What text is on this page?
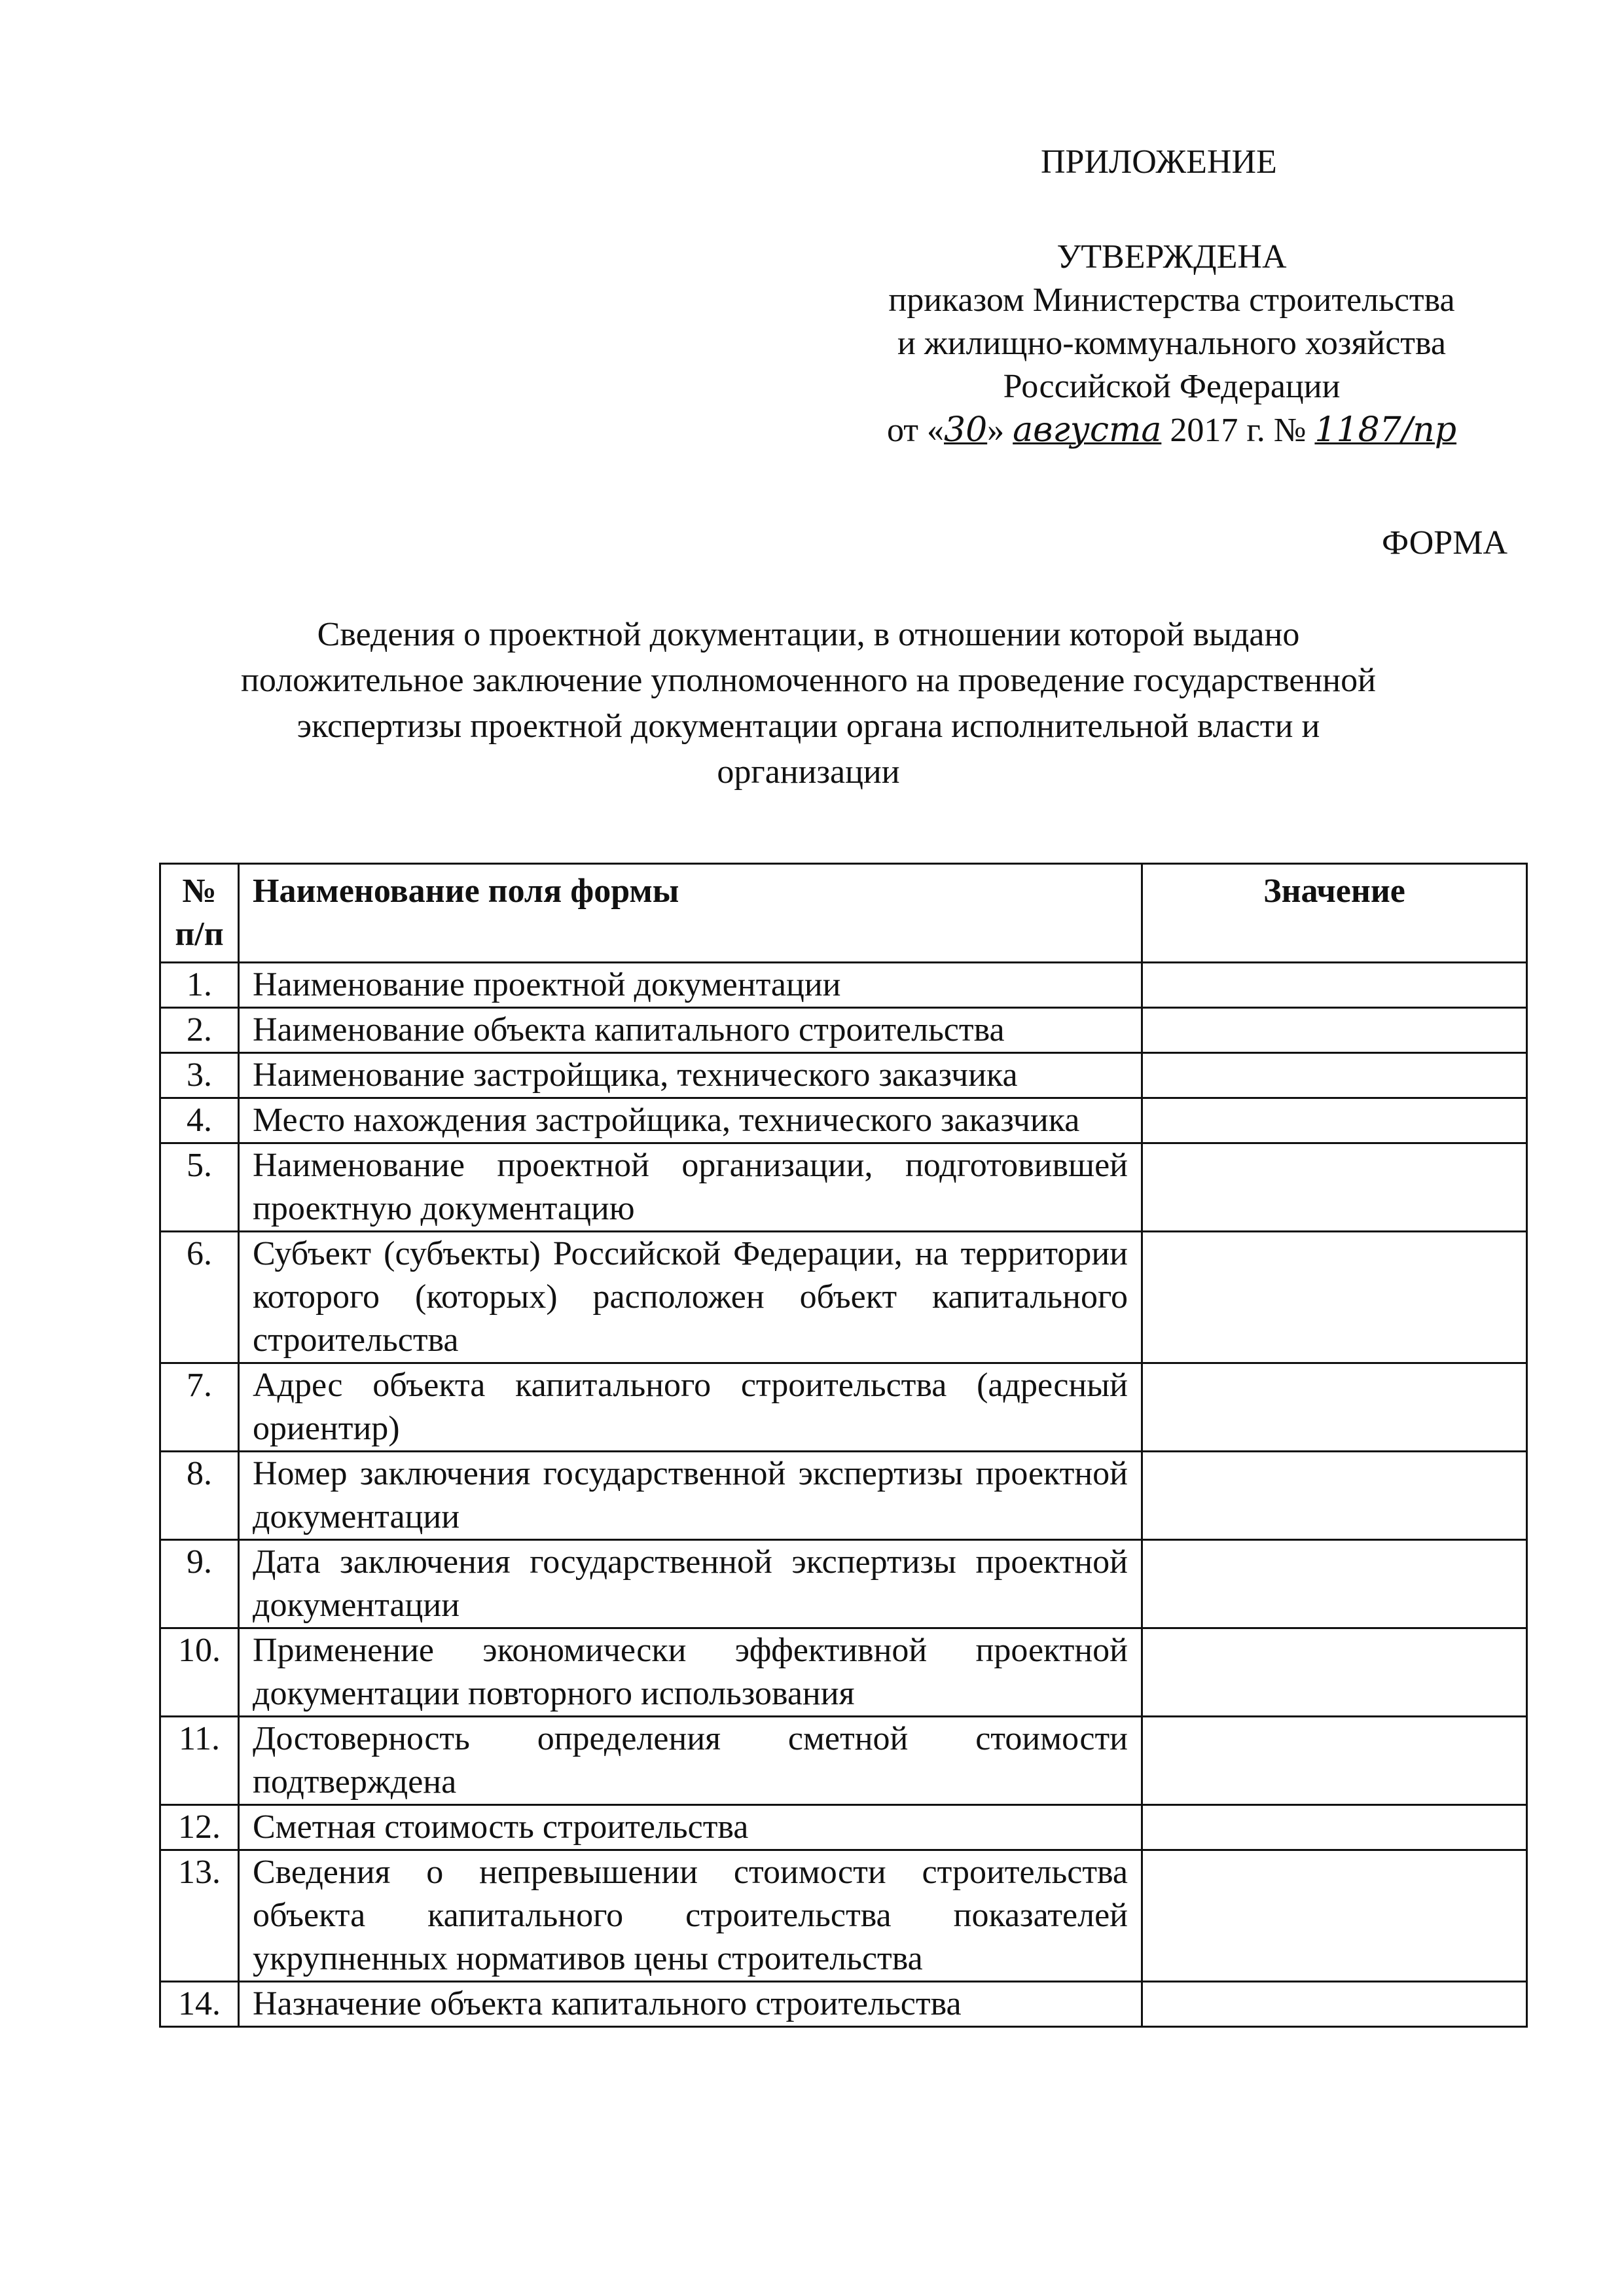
ПРИЛОЖЕНИЕ
УТВЕРЖДЕНА
приказом Министерства строительства
и жилищно-коммунального хозяйства
Российской Федерации
от «30» августа 2017 г. № 1187/пр
ФОРМА
Сведения о проектной документации, в отношении которой выдано
положительное заключение уполномоченного на проведение государственной
экспертизы проектной документации органа исполнительной власти и
организации
№ п/п	Наименование поля формы	Значение
1.	Наименование проектной документации	
2.	Наименование объекта капитального строительства	
3.	Наименование застройщика, технического заказчика	
4.	Место нахождения застройщика, технического заказчика	
5.	Наименование проектной организации, подготовившей проектную документацию	
6.	Субъект (субъекты) Российской Федерации, на территории которого (которых) расположен объект капитального строительства	
7.	Адрес объекта капитального строительства (адресный ориентир)	
8.	Номер заключения государственной экспертизы проектной документации	
9.	Дата заключения государственной экспертизы проектной документации	
10.	Применение экономически эффективной проектной документации повторного использования	
11.	Достоверность определения сметной стоимости подтверждена	
12.	Сметная стоимость строительства	
13.	Сведения о непревышении стоимости строительства объекта капитального строительства показателей укрупненных нормативов цены строительства	
14.	Назначение объекта капитального строительства	
